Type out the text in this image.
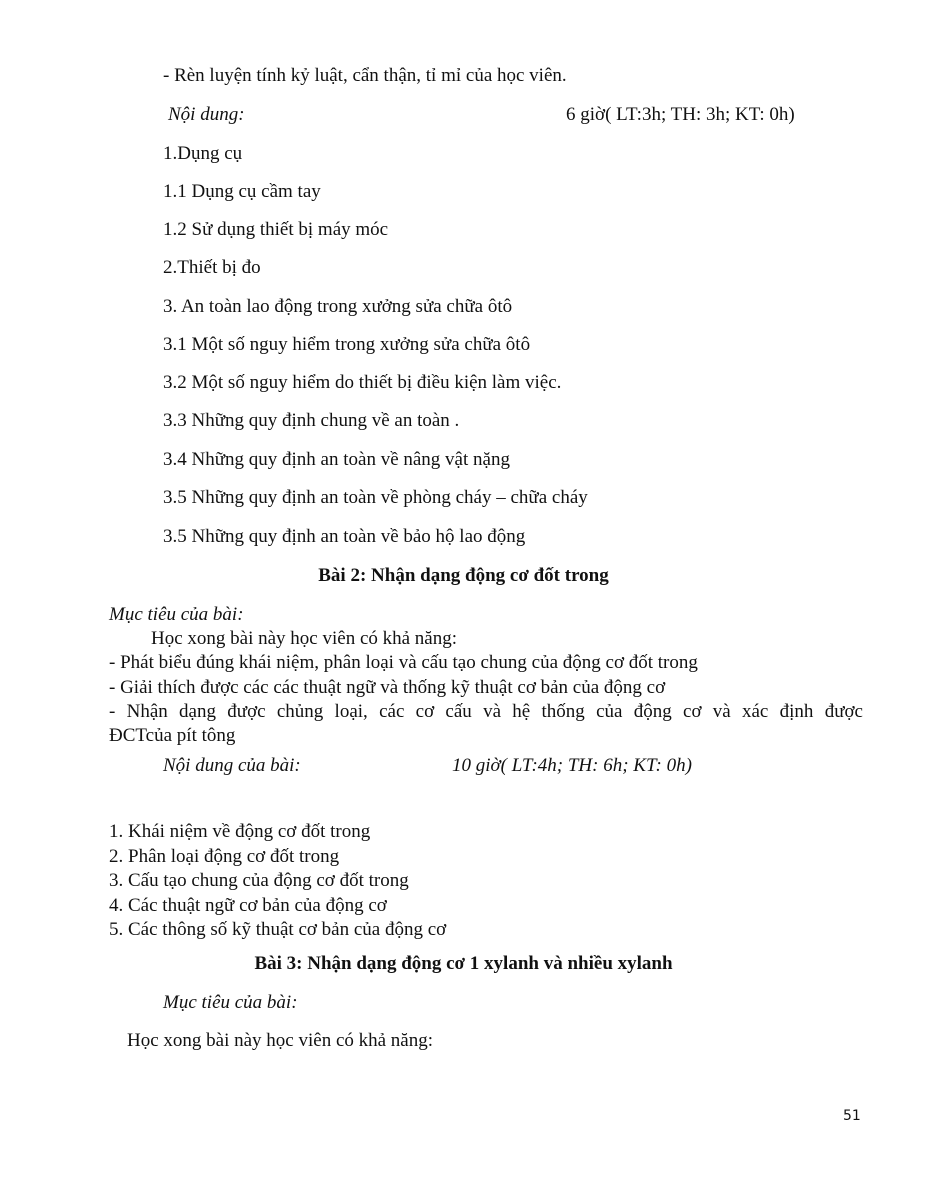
- Rèn luyện tính kỷ luật, cẩn thận, tỉ mỉ của học viên.
Nội dung:	6 giờ( LT:3h; TH: 3h; KT: 0h)
1.Dụng cụ
1.1 Dụng cụ cầm tay
1.2 Sử dụng thiết bị máy móc
2.Thiết bị đo
3. An toàn lao động trong xưởng sửa chữa ôtô
3.1 Một số nguy hiểm trong xưởng sửa chữa ôtô
3.2 Một số nguy hiểm do thiết bị điều kiện làm việc.
3.3 Những quy định chung về an toàn .
3.4 Những quy định an toàn về nâng vật nặng
3.5 Những quy định an toàn về phòng cháy – chữa cháy
3.5 Những quy định an toàn về bảo hộ lao động
Bài 2: Nhận dạng động cơ đốt trong
Mục tiêu của bài:
Học xong bài này học viên có khả năng:
- Phát biểu đúng khái niệm, phân loại và cấu tạo chung của động cơ đốt trong
- Giải thích được các các thuật ngữ và thống kỹ thuật cơ bản của động cơ
- Nhận dạng được chủng loại, các cơ cấu và hệ thống của động cơ và xác định được
ĐCTcủa pít tông
Nội dung của bài:	10 giờ( LT:4h; TH: 6h; KT: 0h)
1. Khái niệm về động cơ đốt trong
2. Phân loại động cơ đốt trong
3. Cấu tạo chung của động cơ đốt trong
4. Các thuật ngữ cơ bản của động cơ
5. Các thông số kỹ thuật cơ bản của động cơ
Bài 3: Nhận dạng động cơ 1 xylanh và nhiều xylanh
Mục tiêu của bài:
Học xong bài này học viên có khả năng:
51
